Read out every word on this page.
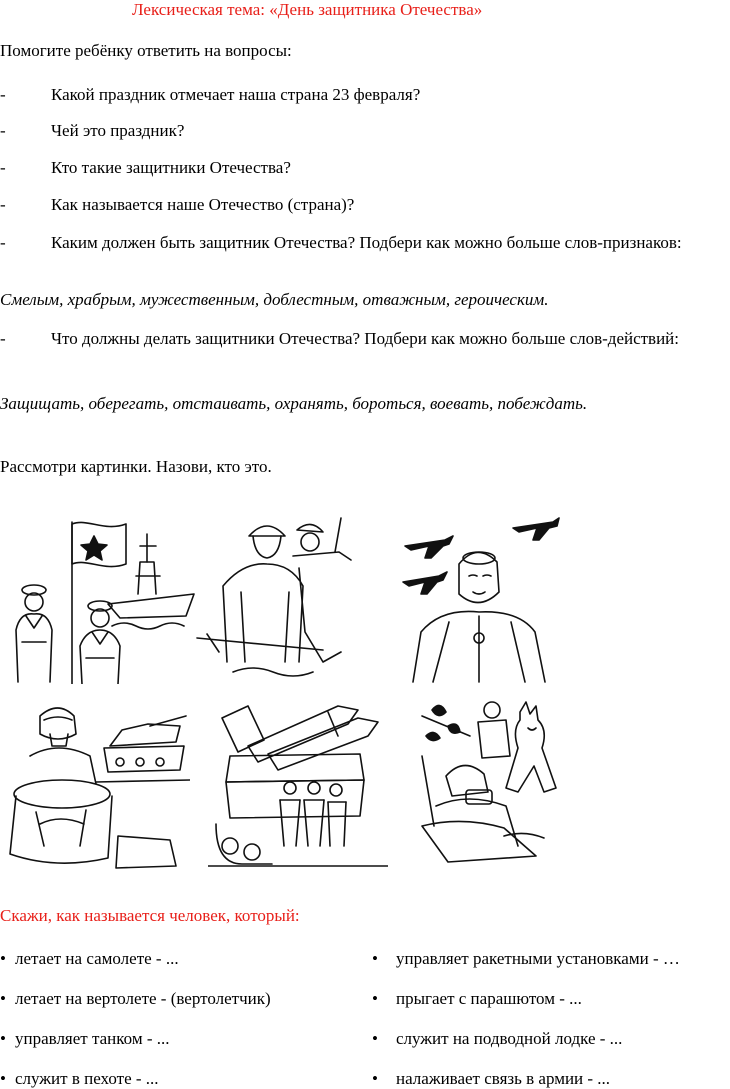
Лексическая тема: «День защитника Отечества»
Помогите ребёнку ответить на вопросы:
-	Какой праздник отмечает наша страна 23 февраля?
-	Чей это праздник?
-	Кто такие защитники Отечества?
-	Как называется наше Отечество (страна)?
-	Каким должен быть защитник Отечества? Подбери как можно больше слов-признаков:
Смелым, храбрым, мужественным, доблестным, отважным, героическим.
-	Что должны делать защитники Отечества? Подбери как можно больше слов-действий:
Защищать, оберегать, отстаивать, охранять, бороться, воевать, побеждать.
Рассмотри картинки. Назови, кто это.
Скажи, как называется человек, который:
• летает на самолете - ...
• летает на вертолете - (вертолетчик)
• управляет танком - ...
• служит в пехоте - ...
• управляет ракетными установками - …
• прыгает с парашютом - ...
• служит на подводной лодке - ...
• налаживает связь в армии - ...
